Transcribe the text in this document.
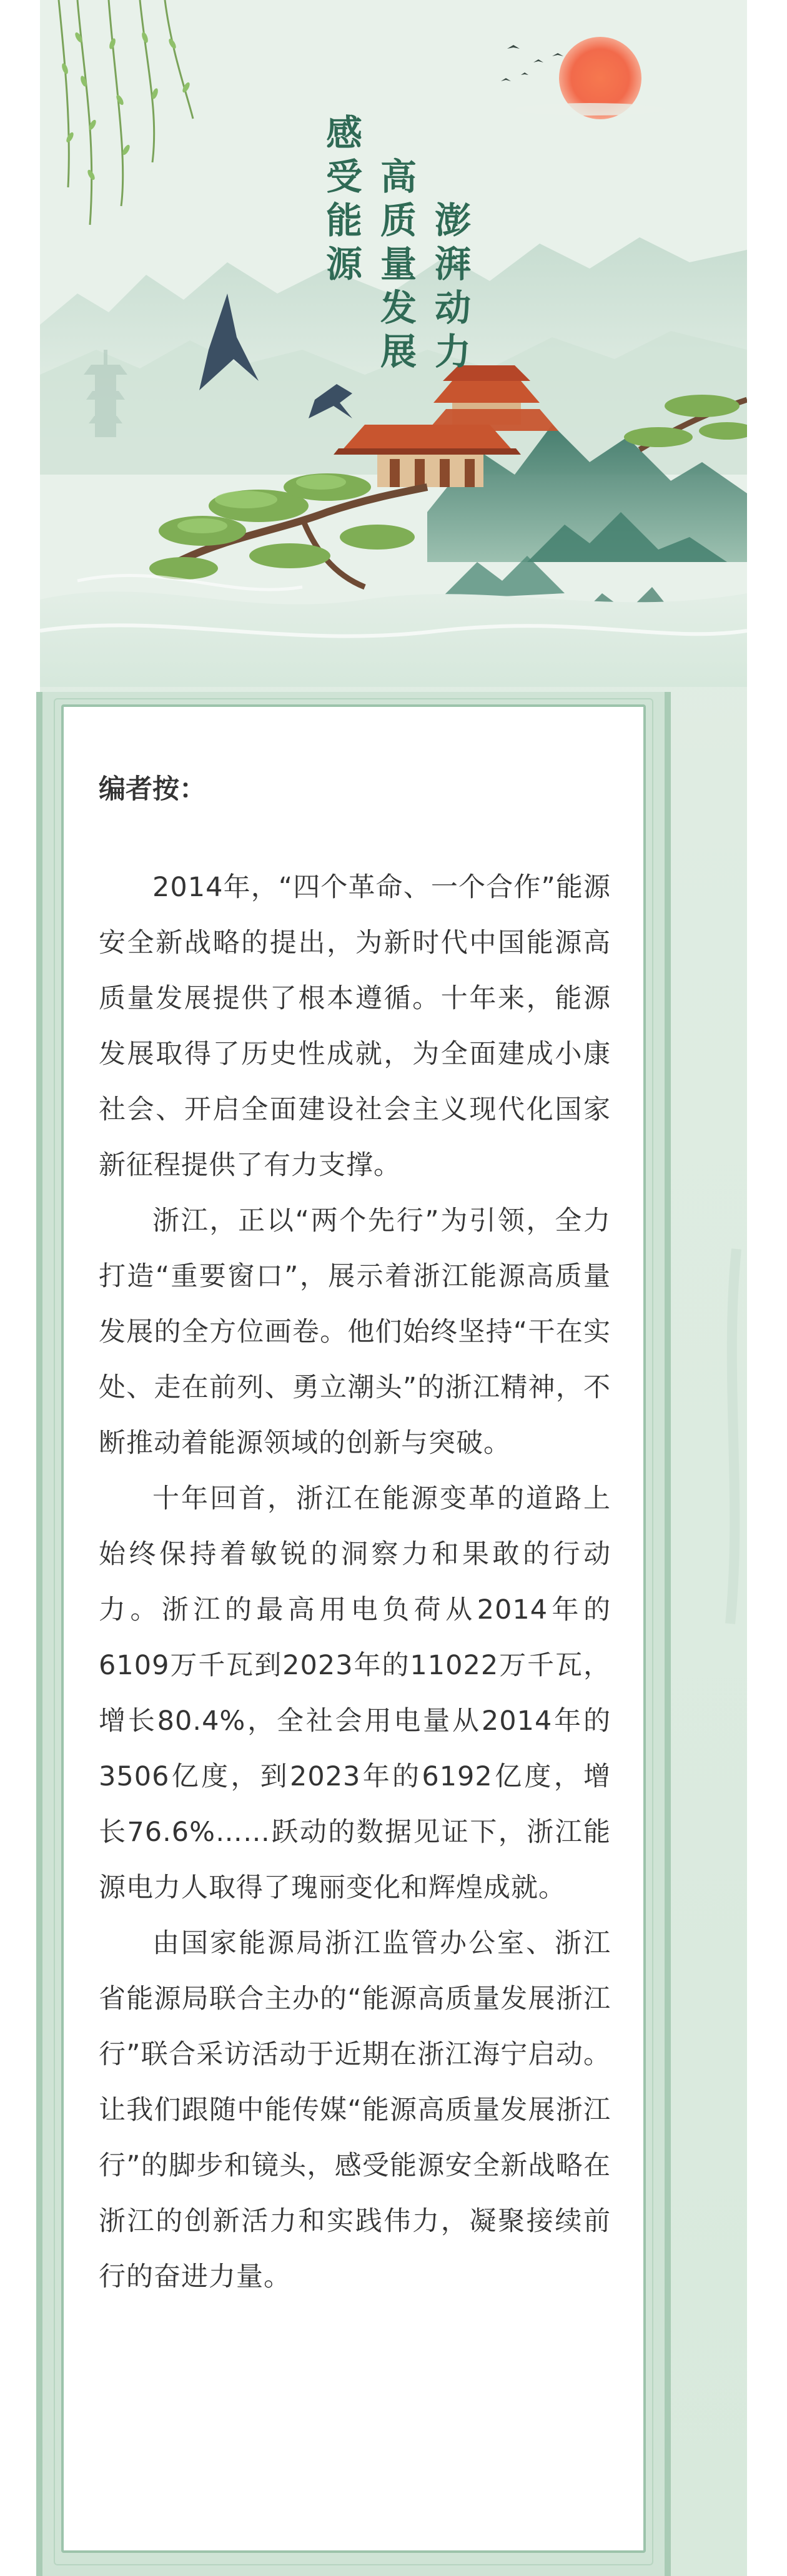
感受能源 高质量发展 澎湃动力
编者按：

2014年，“四个革命、一个合作”能源安全新战略的提出，为新时代中国能源高质量发展提供了根本遵循。十年来，能源发展取得了历史性成就，为全面建成小康社会、开启全面建设社会主义现代化国家新征程提供了有力支撑。

浙江，正以“两个先行”为引领，全力打造“重要窗口”，展示着浙江能源高质量发展的全方位画卷。他们始终坚持“干在实处、走在前列、勇立潮头”的浙江精神，不断推动着能源领域的创新与突破。

十年回首，浙江在能源变革的道路上始终保持着敏锐的洞察力和果敢的行动力。浙江的最高用电负荷从2014年的6109万千瓦到2023年的11022万千瓦，增长80.4%，全社会用电量从2014年的3506亿度，到2023年的6192亿度，增长76.6%……跃动的数据见证下，浙江能源电力人取得了瑰丽变化和辉煌成就。

由国家能源局浙江监管办公室、浙江省能源局联合主办的“能源高质量发展浙江行”联合采访活动于近期在浙江海宁启动。让我们跟随中能传媒“能源高质量发展浙江行”的脚步和镜头，感受能源安全新战略在浙江的创新活力和实践伟力，凝聚接续前行的奋进力量。
